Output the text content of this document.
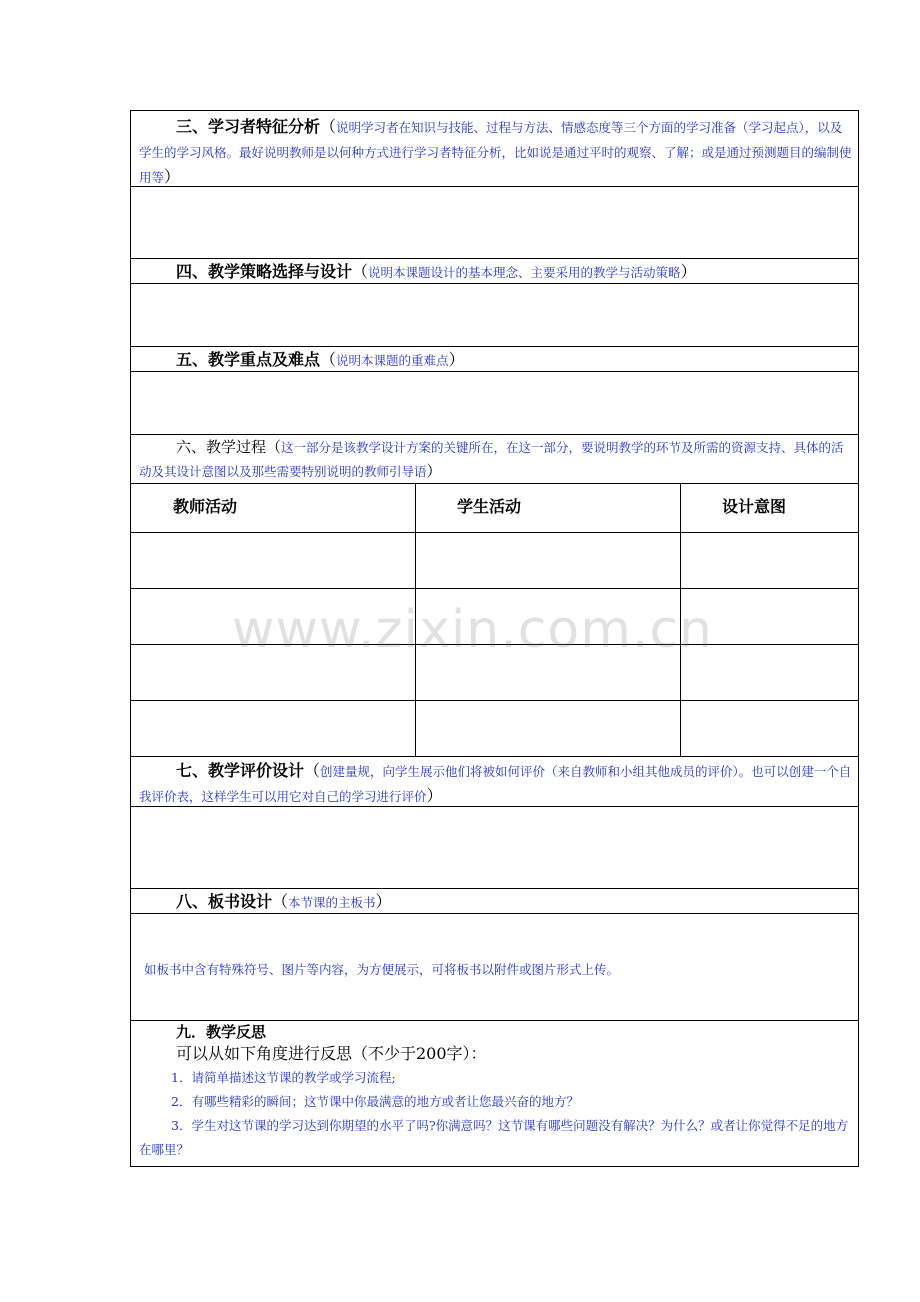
三、学习者特征分析（说明学习者在知识与技能、过程与方法、情感态度等三个方面的学习准备（学习起点），以及学生的学习风格。最好说明教师是以何种方式进行学习者特征分析，比如说是通过平时的观察、了解；或是通过预测题目的编制使用等）
四、教学策略选择与设计（说明本课题设计的基本理念、主要采用的教学与活动策略）
五、教学重点及难点（说明本课题的重难点）
六、教学过程（这一部分是该教学设计方案的关键所在，在这一部分，要说明教学的环节及所需的资源支持、具体的活动及其设计意图以及那些需要特别说明的教师引导语）
教师活动	学生活动	设计意图
七、教学评价设计（创建量规，向学生展示他们将被如何评价（来自教师和小组其他成员的评价）。也可以创建一个自我评价表，这样学生可以用它对自己的学习进行评价）
八、板书设计（本节课的主板书）
如板书中含有特殊符号、图片等内容，为方便展示，可将板书以附件或图片形式上传。
九．教学反思
可以从如下角度进行反思（不少于200字）：
1．请简单描述这节课的教学或学习流程;
2．有哪些精彩的瞬间；这节课中你最满意的地方或者让您最兴奋的地方？
3．学生对这节课的学习达到你期望的水平了吗?你满意吗？这节课有哪些问题没有解决？为什么？或者让你觉得不足的地方在哪里？
www.zixin.com.cn
